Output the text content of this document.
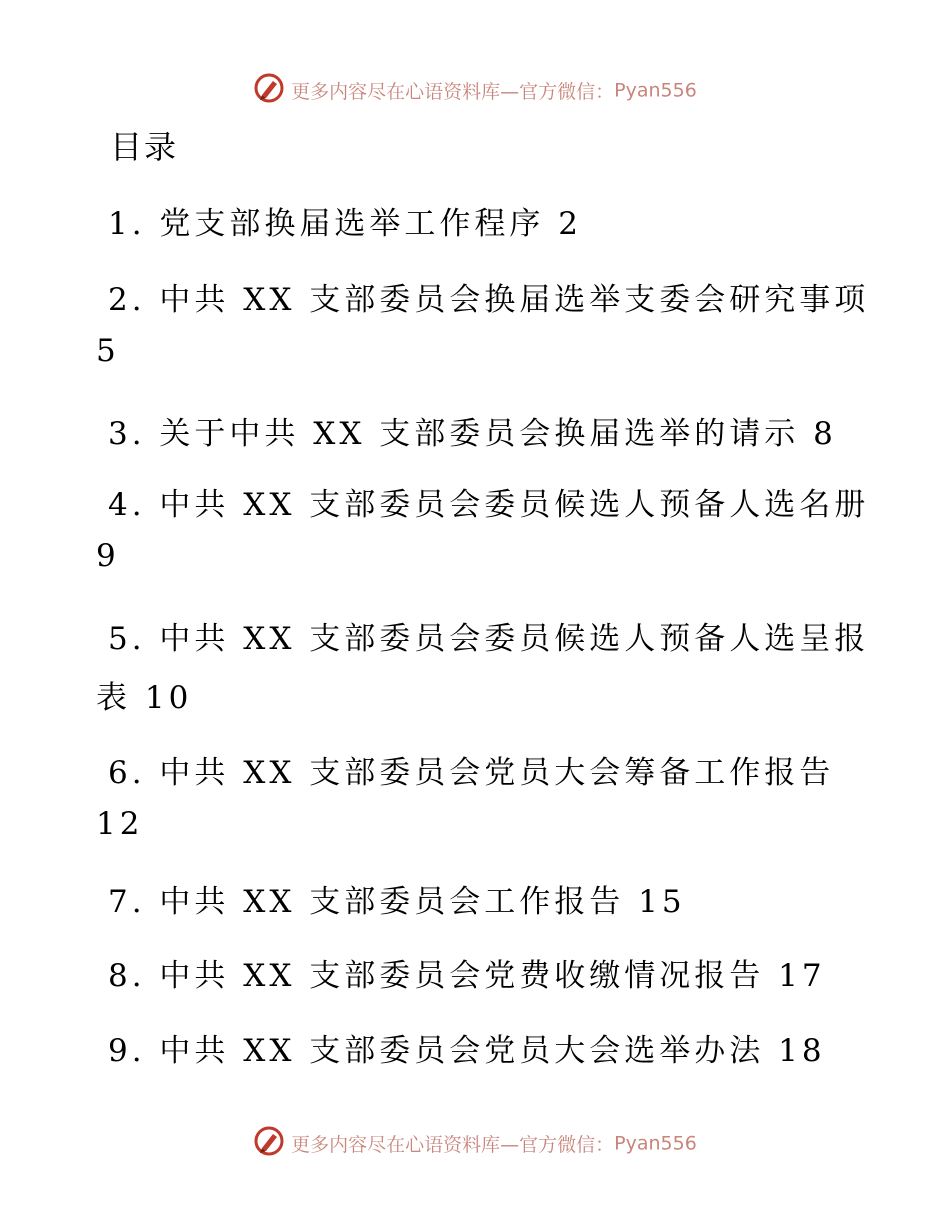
更多内容尽在心语资料库—官方微信：Pyan556
目录
1. 党支部换届选举工作程序 2
2. 中共 XX 支部委员会换届选举支委会研究事项
5
3. 关于中共 XX 支部委员会换届选举的请示 8
4. 中共 XX 支部委员会委员候选人预备人选名册
9
5. 中共 XX 支部委员会委员候选人预备人选呈报
表 10
6. 中共 XX 支部委员会党员大会筹备工作报告
12
7. 中共 XX 支部委员会工作报告 15
8. 中共 XX 支部委员会党费收缴情况报告 17
9. 中共 XX 支部委员会党员大会选举办法 18
更多内容尽在心语资料库—官方微信：Pyan556
